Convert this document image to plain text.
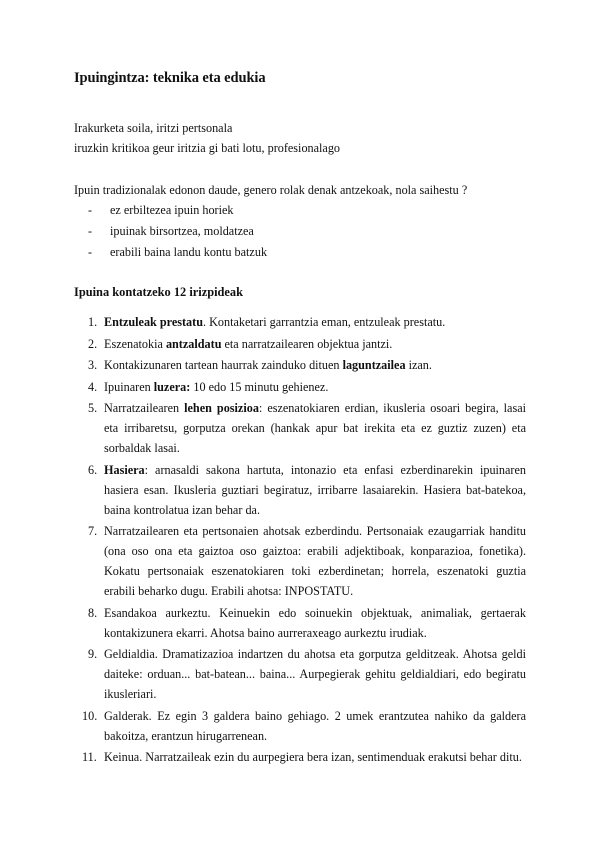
Ipuingintza: teknika eta edukia
Irakurketa soila, iritzi pertsonala
iruzkin kritikoa geur iritzia gi bati lotu, profesionalago
Ipuin tradizionalak edonon daude, genero rolak denak antzekoak, nola saihestu ?
- ez erbiltezea ipuin horiek
- ipuinak birsortzea, moldatzea
- erabili baina landu kontu batzuk
Ipuina kontatzeko 12 irizpideak
1. Entzuleak prestatu. Kontaketari garrantzia eman, entzuleak prestatu.
2. Eszenatokia antzaldatu eta narratzailearen objektua jantzi.
3. Kontakizunaren tartean haurrak zainduko dituen laguntzailea izan.
4. Ipuinaren luzera: 10 edo 15 minutu gehienez.
5. Narratzailearen lehen posizioa: eszenatokiaren erdian, ikusleria osoari begira, lasai eta irribaretsu, gorputza orekan (hankak apur bat irekita eta ez guztiz zuzen) eta sorbaldak lasai.
6. Hasiera: arnasaldi sakona hartuta, intonazio eta enfasi ezberdinarekin ipuinaren hasiera esan. Ikusleria guztiari begiratuz, irribarre lasaiarekin. Hasiera bat-batekoa, baina kontrolatua izan behar da.
7. Narratzailearen eta pertsonaien ahotsak ezberdindu. Pertsonaiak ezaugarriak handitu (ona oso ona eta gaiztoa oso gaiztoa: erabili adjektiboak, konparazioa, fonetika). Kokatu pertsonaiak eszenatokiaren toki ezberdinetan; horrela, eszenatoki guztia erabili beharko dugu. Erabili ahotsa: INPOSTATU.
8. Esandakoa aurkeztu. Keinuekin edo soinuekin objektuak, animaliak, gertaerak kontakizunera ekarri. Ahotsa baino aurreraxeago aurkeztu irudiak.
9. Geldialdia. Dramatizazioa indartzen du ahotsa eta gorputza gelditzeak. Ahotsa geldi daiteke: orduan... bat-batean... baina... Aurpegierak gehitu geldialdiari, edo begiratu ikusleriari.
10. Galderak. Ez egin 3 galdera baino gehiago. 2 umek erantzutea nahiko da galdera bakoitza, erantzun hirugarrenean.
11. Keinua. Narratzaileak ezin du aurpegiera bera izan, sentimenduak erakutsi behar ditu.
